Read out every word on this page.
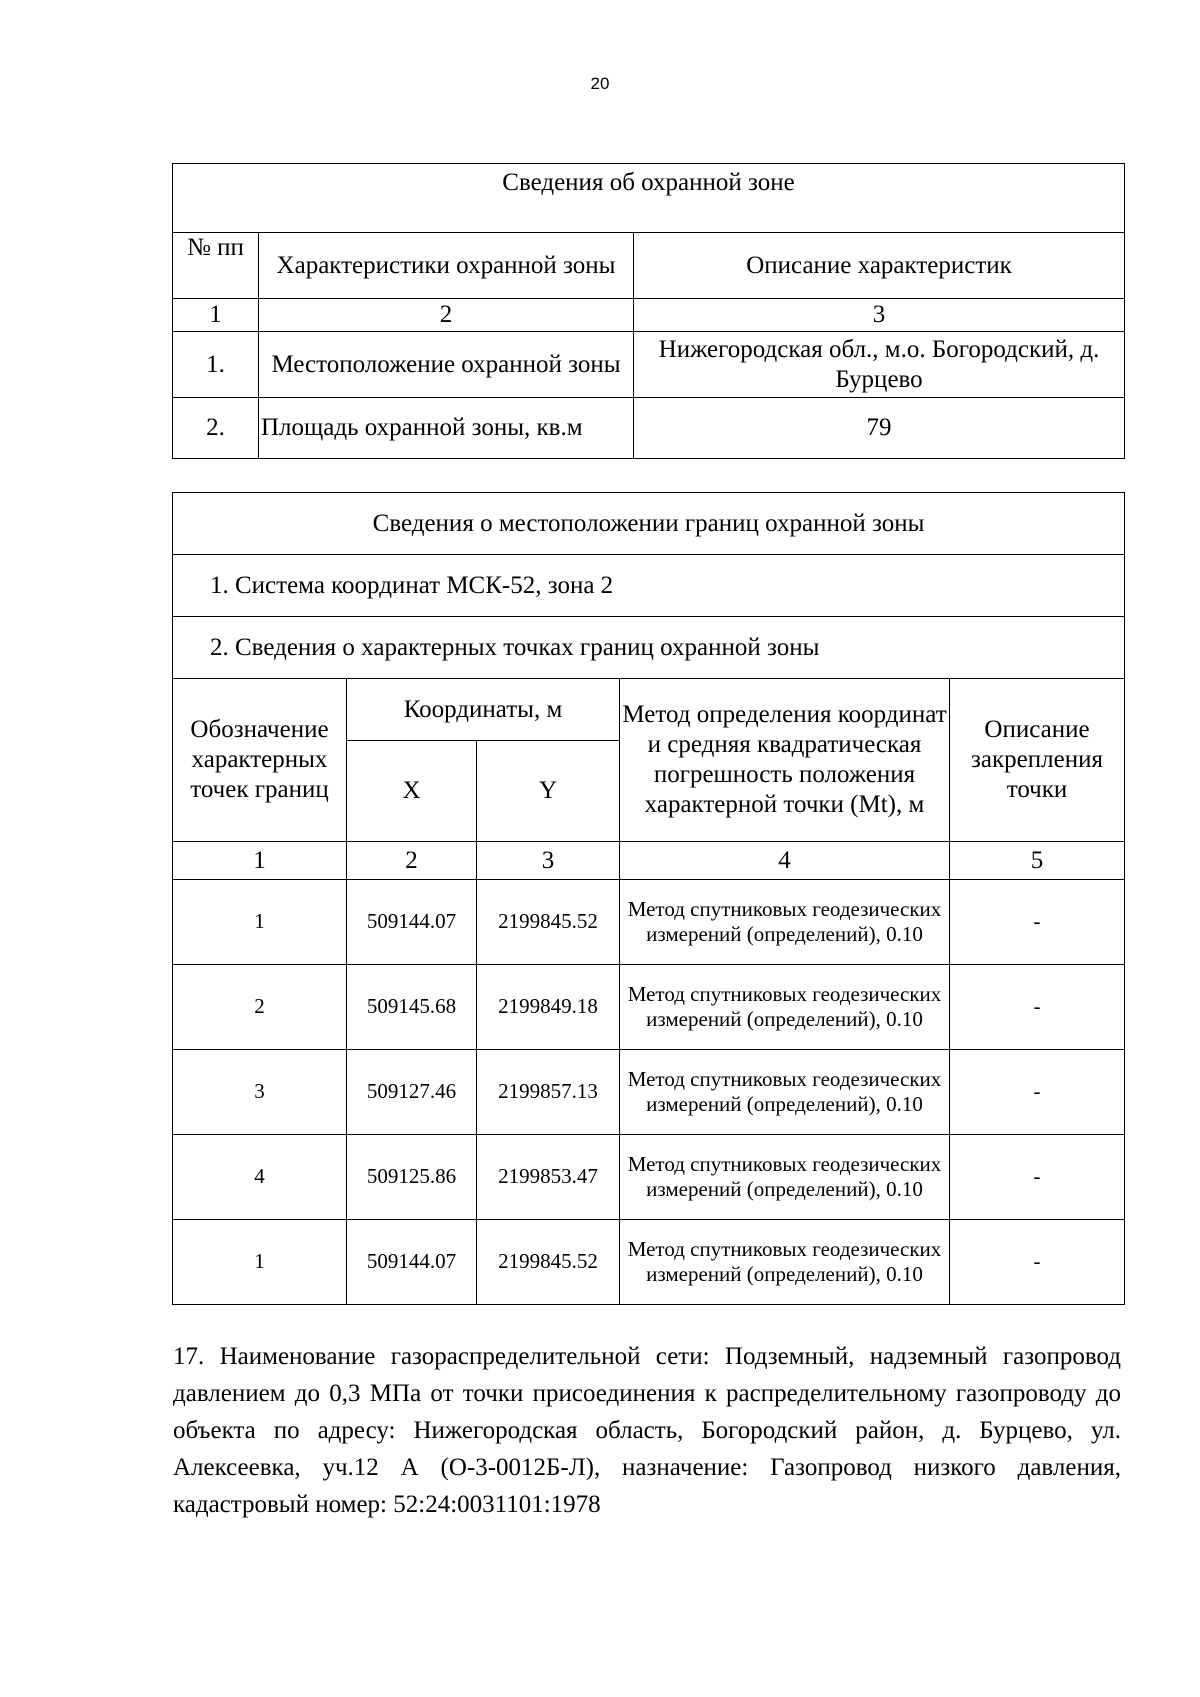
20
Сведения об охранной зоне		
№ пп	Характеристики охранной зоны	Описание характеристик
1	2	3
1.	Местоположение охранной зоны	Нижегородская обл., м.о. Богородский, д. Бурцево
2.	Площадь охранной зоны, кв.м	79
Сведения о местоположении границ охранной зоны				
1. Система координат МСК-52, зона 2				
2. Сведения о характерных точках границ охранной зоны				
Обозначение характерных точек границ	Координаты, м		Метод определения координат и средняя квадратическая погрешность положения характерной точки (Mt), м	Описание закрепления точки
	X	Y		
1	2	3	4	5
1	509144.07	2199845.52	Метод спутниковых геодезических измерений (определений), 0.10	-
2	509145.68	2199849.18	Метод спутниковых геодезических измерений (определений), 0.10	-
3	509127.46	2199857.13	Метод спутниковых геодезических измерений (определений), 0.10	-
4	509125.86	2199853.47	Метод спутниковых геодезических измерений (определений), 0.10	-
1	509144.07	2199845.52	Метод спутниковых геодезических измерений (определений), 0.10	-
17. Наименование газораспределительной сети: Подземный, надземный газопровод давлением до 0,3 МПа от точки присоединения к распределительному газопроводу до объекта по адресу: Нижегородская область, Богородский район, д. Бурцево, ул. Алексеевка, уч.12 А (О-3-0012Б-Л), назначение: Газопровод низкого давления, кадастровый номер: 52:24:0031101:1978
